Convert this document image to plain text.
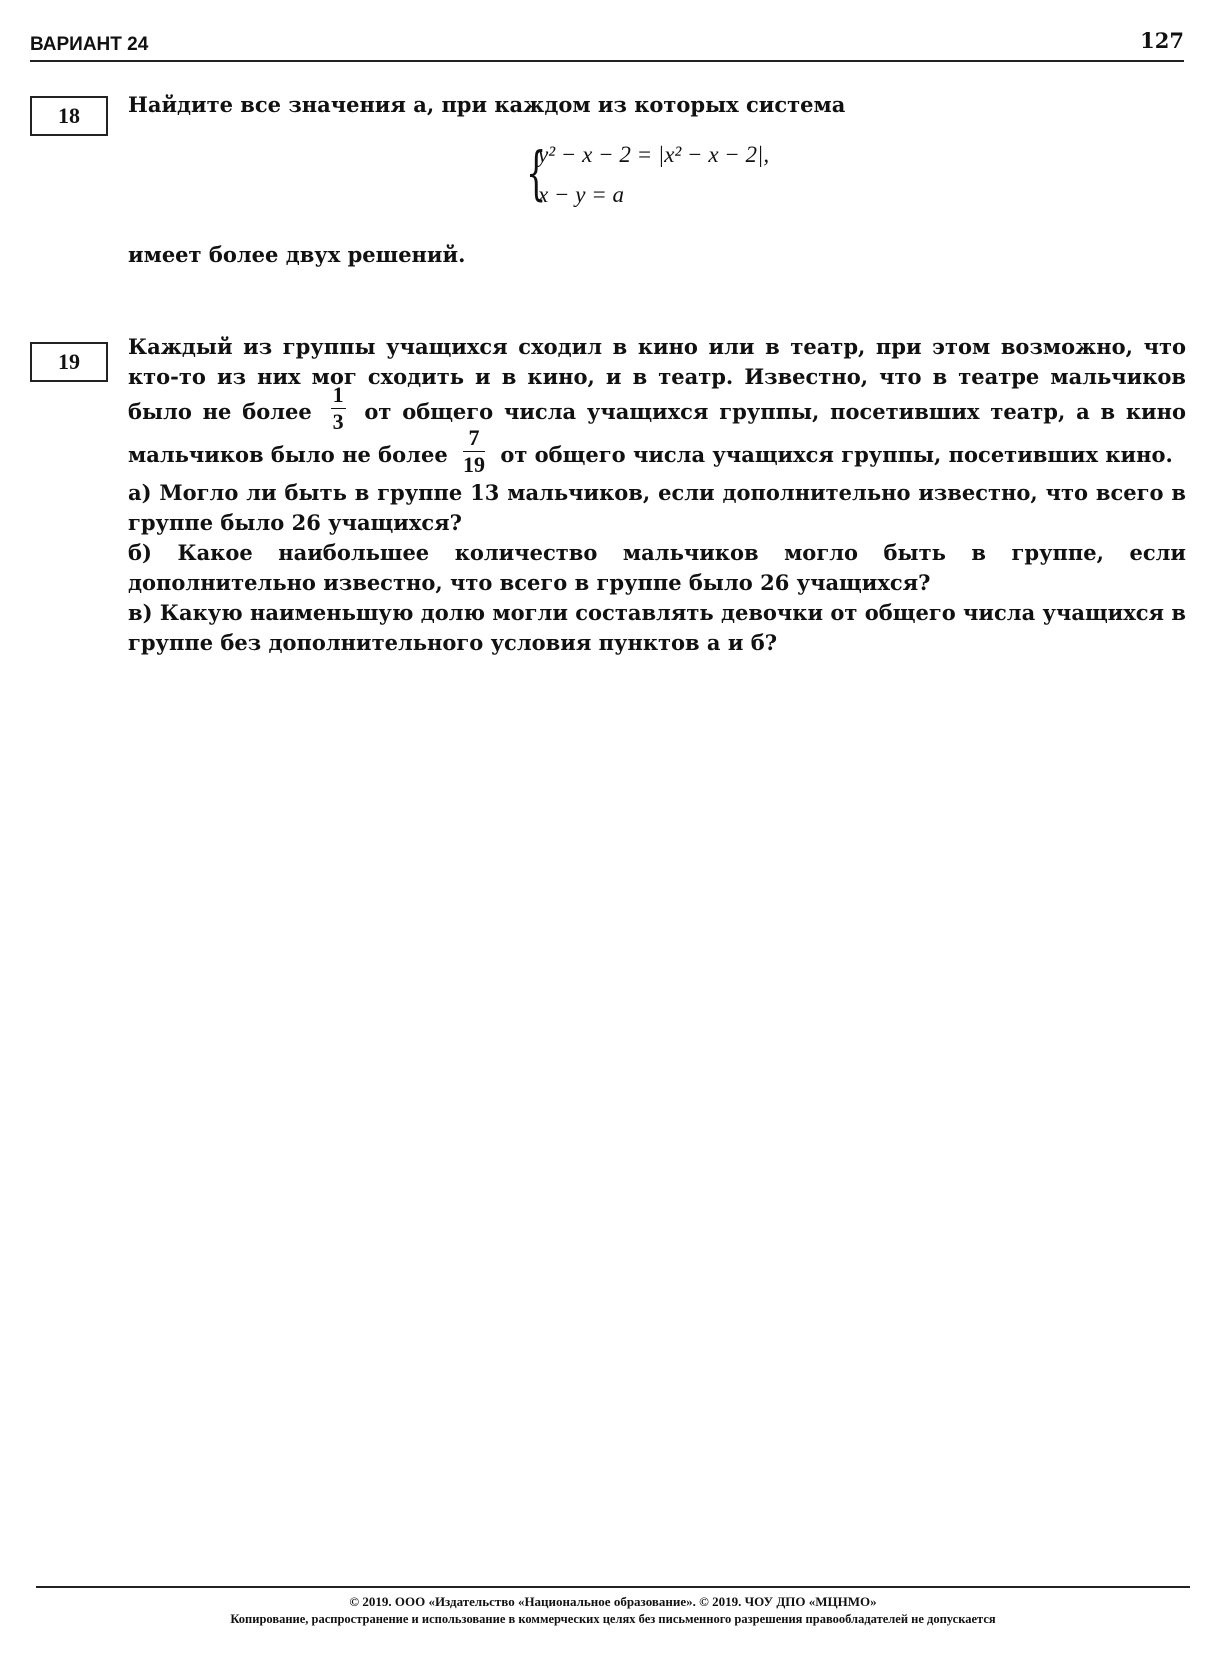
ВАРИАНТ 24	127
18	Найдите все значения a, при каждом из которых система
{
y² − x − 2 = |x² − x − 2|,
x − y = a
имеет более двух решений.
19
Каждый из группы учащихся сходил в кино или в театр, при этом возможно, что кто-то из них мог сходить и в кино, и в театр. Известно, что в театре мальчиков было не более $\frac{1}{3}$ от общего числа учащихся группы, посетивших театр, а в кино мальчиков было не более $\frac{7}{19}$ от общего числа учащихся группы, посетивших кино.
а) Могло ли быть в группе 13 мальчиков, если дополнительно известно, что всего в группе было 26 учащихся?
б) Какое наибольшее количество мальчиков могло быть в группе, если дополнительно известно, что всего в группе было 26 учащихся?
в) Какую наименьшую долю могли составлять девочки от общего числа учащихся в группе без дополнительного условия пунктов а и б?
© 2019. ООО «Издательство «Национальное образование». © 2019. ЧОУ ДПО «МЦНМО»
Копирование, распространение и использование в коммерческих целях без письменного разрешения правообладателей не допускается
